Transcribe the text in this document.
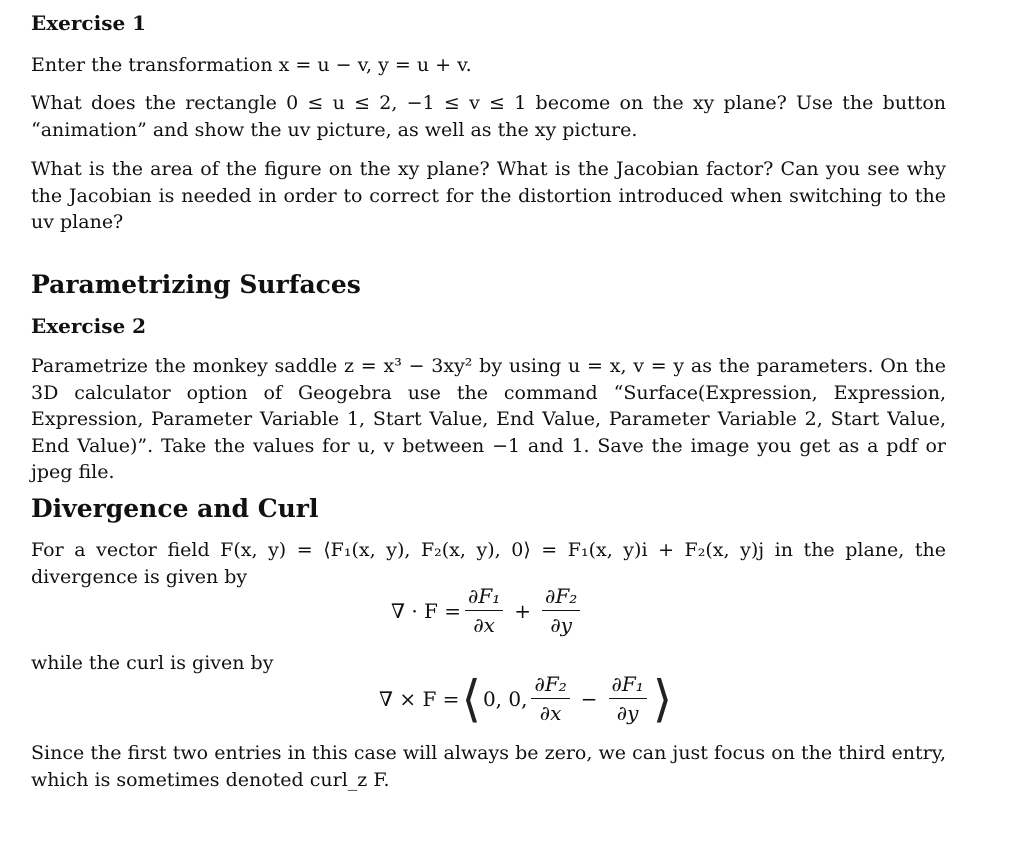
Exercise 1
Enter the transformation x = u − v, y = u + v.
What does the rectangle 0 ≤ u ≤ 2, −1 ≤ v ≤ 1 become on the xy plane? Use the button “animation” and show the uv picture, as well as the xy picture.
What is the area of the figure on the xy plane? What is the Jacobian factor? Can you see why the Jacobian is needed in order to correct for the distortion introduced when switching to the uv plane?
Parametrizing Surfaces
Exercise 2
Parametrize the monkey saddle z = x³ − 3xy² by using u = x, v = y as the parameters. On the 3D calculator option of Geogebra use the command “Surface(Expression, Expression, Expression, Parameter Variable 1, Start Value, End Value, Parameter Variable 2, Start Value, End Value)”. Take the values for u, v between −1 and 1. Save the image you get as a pdf or jpeg file.
Divergence and Curl
For a vector field F(x, y) = ⟨F₁(x, y), F₂(x, y), 0⟩ = F₁(x, y)i + F₂(x, y)j in the plane, the divergence is given by
∇ · $F = \frac{\text{∂F₁}}{\partial x} + \frac{\text{∂F₂}}{\partial y}$
while the curl is given by
∇ × F = ⟨ 0, 0, $\frac{\text{∂F₂}}{\partial x} - \frac{\text{∂F₁}}{\partial y}$ ⟩
Since the first two entries in this case will always be zero, we can just focus on the third entry, which is sometimes denoted curl_z F.
